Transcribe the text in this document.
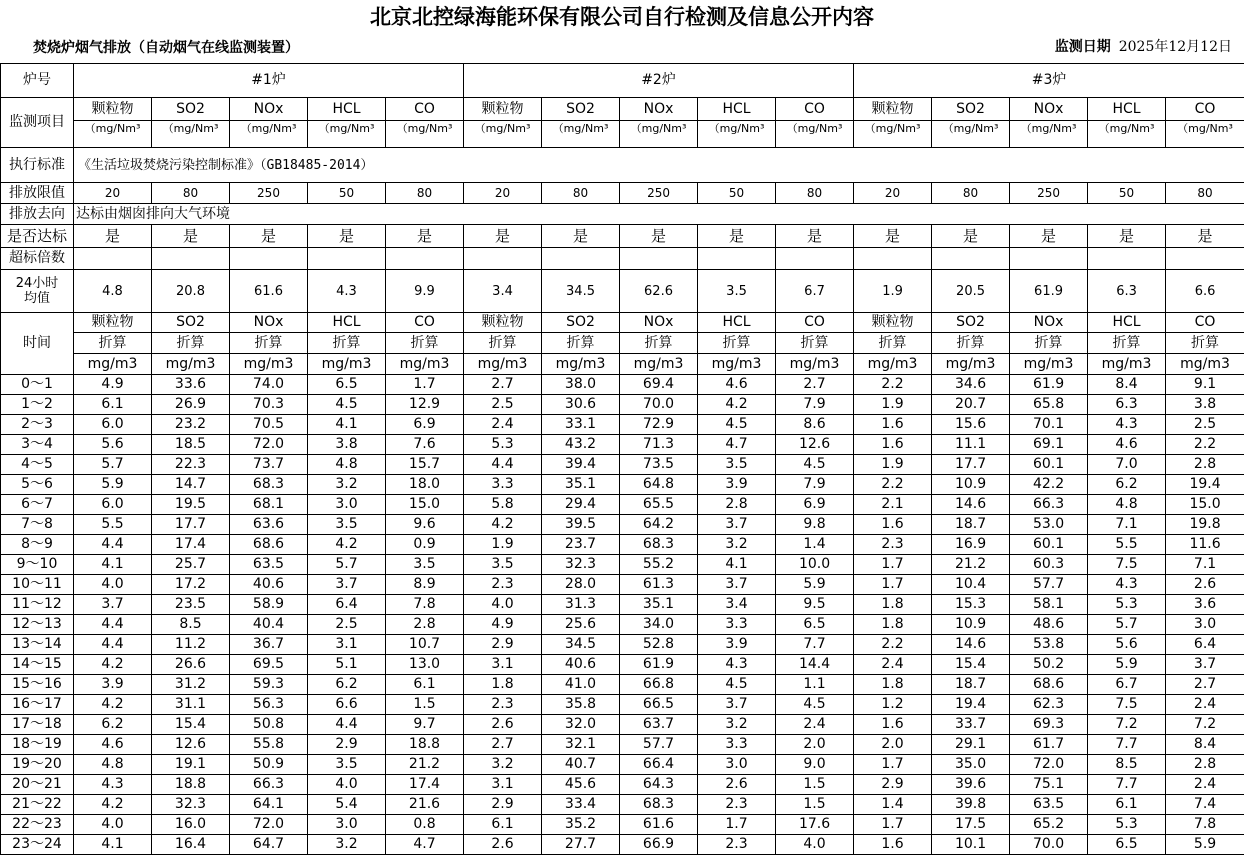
北京北控绿海能环保有限公司自行检测及信息公开内容
焚烧炉烟气排放（自动烟气在线监测装置）	监测日期 2025年12月12日
炉号	#1炉					#2炉					#3炉				
监测项目	颗粒物	SO2	NOx	HCL	CO	颗粒物	SO2	NOx	HCL	CO	颗粒物	SO2	NOx	HCL	CO
	（mg/Nm³	（mg/Nm³	（mg/Nm³	（mg/Nm³	（mg/Nm³	（mg/Nm³	（mg/Nm³	（mg/Nm³	（mg/Nm³	（mg/Nm³	（mg/Nm³	（mg/Nm³	（mg/Nm³	（mg/Nm³	（mg/Nm³
执行标准	《生活垃圾焚烧污染控制标准》（GB18485-2014）														
排放限值	20	80	250	50	80	20	80	250	50	80	20	80	250	50	80
排放去向	达标由烟囱排向大气环境														
是否达标	是	是	是	是	是	是	是	是	是	是	是	是	是	是	是
超标倍数															

24小时
均值	4.8	20.8	61.6	4.3	9.9	3.4	34.5	62.6	3.5	6.7	1.9	20.5	61.9	6.3	6.6
时间	颗粒物	SO2	NOx	HCL	CO	颗粒物	SO2	NOx	HCL	CO	颗粒物	SO2	NOx	HCL	CO
	折算	折算	折算	折算	折算	折算	折算	折算	折算	折算	折算	折算	折算	折算	折算
	mg/m3	mg/m3	mg/m3	mg/m3	mg/m3	mg/m3	mg/m3	mg/m3	mg/m3	mg/m3	mg/m3	mg/m3	mg/m3	mg/m3	mg/m3
0～1	4.9	33.6	74.0	6.5	1.7	2.7	38.0	69.4	4.6	2.7	2.2	34.6	61.9	8.4	9.1
1～2	6.1	26.9	70.3	4.5	12.9	2.5	30.6	70.0	4.2	7.9	1.9	20.7	65.8	6.3	3.8
2～3	6.0	23.2	70.5	4.1	6.9	2.4	33.1	72.9	4.5	8.6	1.6	15.6	70.1	4.3	2.5
3～4	5.6	18.5	72.0	3.8	7.6	5.3	43.2	71.3	4.7	12.6	1.6	11.1	69.1	4.6	2.2
4～5	5.7	22.3	73.7	4.8	15.7	4.4	39.4	73.5	3.5	4.5	1.9	17.7	60.1	7.0	2.8
5～6	5.9	14.7	68.3	3.2	18.0	3.3	35.1	64.8	3.9	7.9	2.2	10.9	42.2	6.2	19.4
6～7	6.0	19.5	68.1	3.0	15.0	5.8	29.4	65.5	2.8	6.9	2.1	14.6	66.3	4.8	15.0
7～8	5.5	17.7	63.6	3.5	9.6	4.2	39.5	64.2	3.7	9.8	1.6	18.7	53.0	7.1	19.8
8～9	4.4	17.4	68.6	4.2	0.9	1.9	23.7	68.3	3.2	1.4	2.3	16.9	60.1	5.5	11.6
9～10	4.1	25.7	63.5	5.7	3.5	3.5	32.3	55.2	4.1	10.0	1.7	21.2	60.3	7.5	7.1
10～11	4.0	17.2	40.6	3.7	8.9	2.3	28.0	61.3	3.7	5.9	1.7	10.4	57.7	4.3	2.6
11～12	3.7	23.5	58.9	6.4	7.8	4.0	31.3	35.1	3.4	9.5	1.8	15.3	58.1	5.3	3.6
12～13	4.4	8.5	40.4	2.5	2.8	4.9	25.6	34.0	3.3	6.5	1.8	10.9	48.6	5.7	3.0
13～14	4.4	11.2	36.7	3.1	10.7	2.9	34.5	52.8	3.9	7.7	2.2	14.6	53.8	5.6	6.4
14～15	4.2	26.6	69.5	5.1	13.0	3.1	40.6	61.9	4.3	14.4	2.4	15.4	50.2	5.9	3.7
15～16	3.9	31.2	59.3	6.2	6.1	1.8	41.0	66.8	4.5	1.1	1.8	18.7	68.6	6.7	2.7
16～17	4.2	31.1	56.3	6.6	1.5	2.3	35.8	66.5	3.7	4.5	1.2	19.4	62.3	7.5	2.4
17～18	6.2	15.4	50.8	4.4	9.7	2.6	32.0	63.7	3.2	2.4	1.6	33.7	69.3	7.2	7.2
18～19	4.6	12.6	55.8	2.9	18.8	2.7	32.1	57.7	3.3	2.0	2.0	29.1	61.7	7.7	8.4
19～20	4.8	19.1	50.9	3.5	21.2	3.2	40.7	66.4	3.0	9.0	1.7	35.0	72.0	8.5	2.8
20～21	4.3	18.8	66.3	4.0	17.4	3.1	45.6	64.3	2.6	1.5	2.9	39.6	75.1	7.7	2.4
21～22	4.2	32.3	64.1	5.4	21.6	2.9	33.4	68.3	2.3	1.5	1.4	39.8	63.5	6.1	7.4
22～23	4.0	16.0	72.0	3.0	0.8	6.1	35.2	61.6	1.7	17.6	1.7	17.5	65.2	5.3	7.8
23～24	4.1	16.4	64.7	3.2	4.7	2.6	27.7	66.9	2.3	4.0	1.6	10.1	70.0	6.5	5.9
